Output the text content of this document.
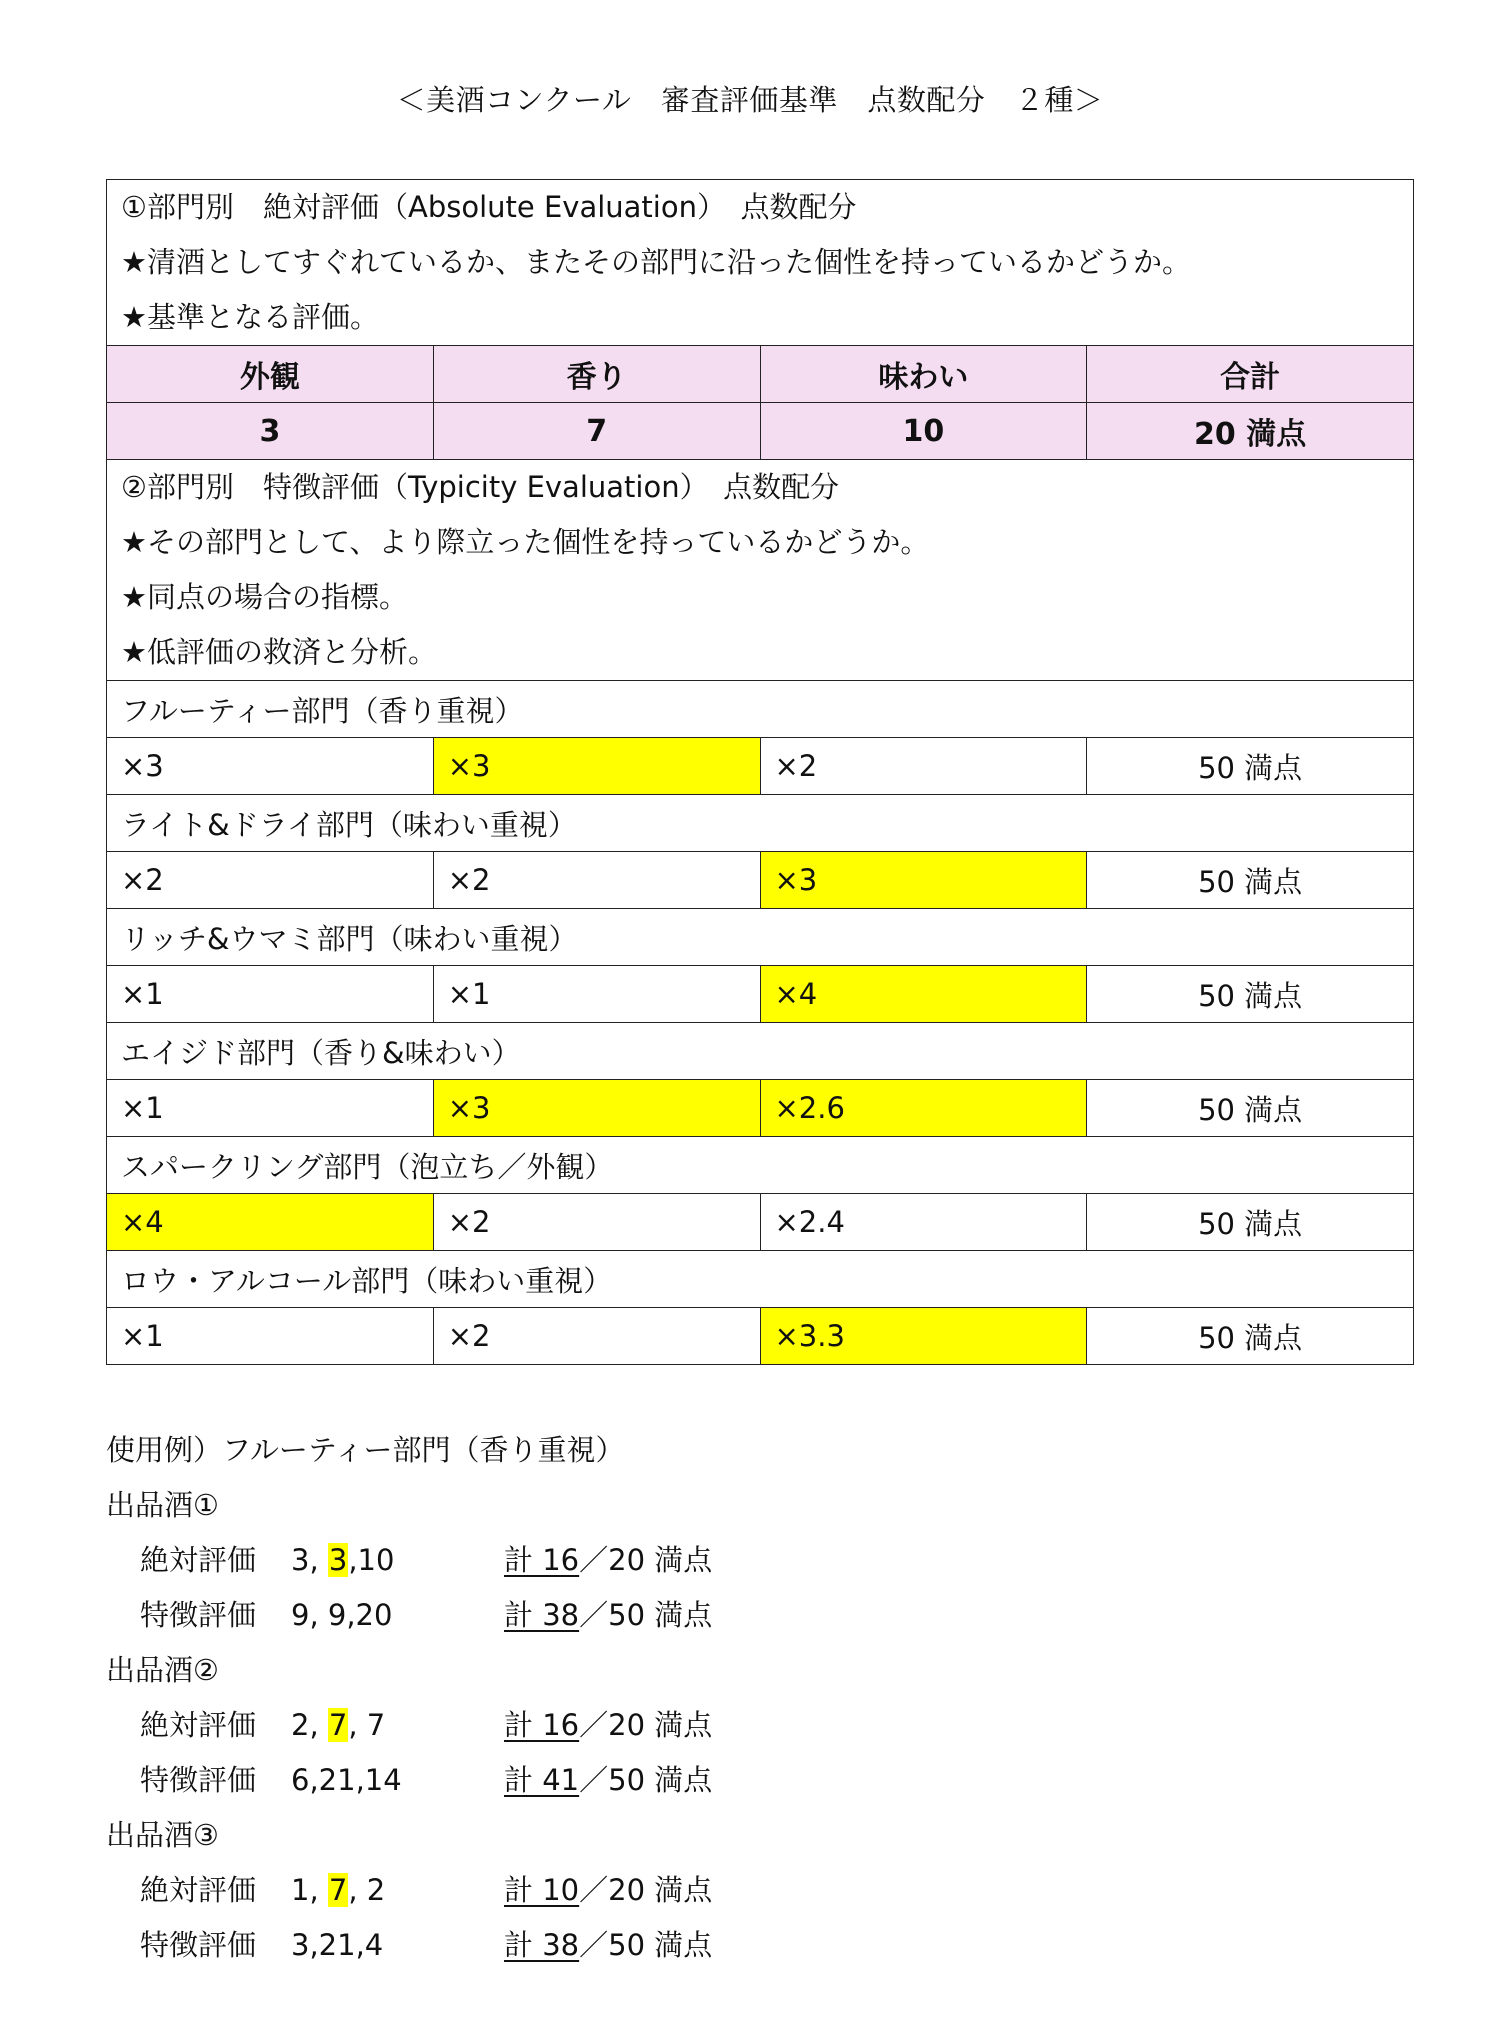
＜美酒コンクール　審査評価基準　点数配分　２種＞
①部門別　絶対評価（Absolute Evaluation）　点数配分
★清酒としてすぐれているか、またその部門に沿った個性を持っているかどうか。
★基準となる評価。			

外観	香り	味わい	合計
3	7	10	20 満点

②部門別　特徴評価（Typicity Evaluation）　点数配分
★その部門として、より際立った個性を持っているかどうか。
★同点の場合の指標。
★低評価の救済と分析。			

フルーティー部門（香り重視）			
×3	×3	×2	50 満点
ライト&ドライ部門（味わい重視）			
×2	×2	×3	50 満点
リッチ&ウマミ部門（味わい重視）			
×1	×1	×4	50 満点
エイジド部門（香り&味わい）			
×1	×3	×2.6	50 満点
スパークリング部門（泡立ち／外観）			
×4	×2	×2.4	50 満点
ロウ・アルコール部門（味わい重視）			
×1	×2	×3.3	50 満点
使用例）フルーティー部門（香り重視）
出品酒①
絶対評価 3, 3,10	計 16／20 満点
特徴評価 9, 9,20	計 38／50 満点
出品酒②
絶対評価 2, 7, 7	計 16／20 満点
特徴評価 6,21,14	計 41／50 満点
出品酒③
絶対評価 1, 7, 2	計 10／20 満点
特徴評価 3,21,4	計 38／50 満点
